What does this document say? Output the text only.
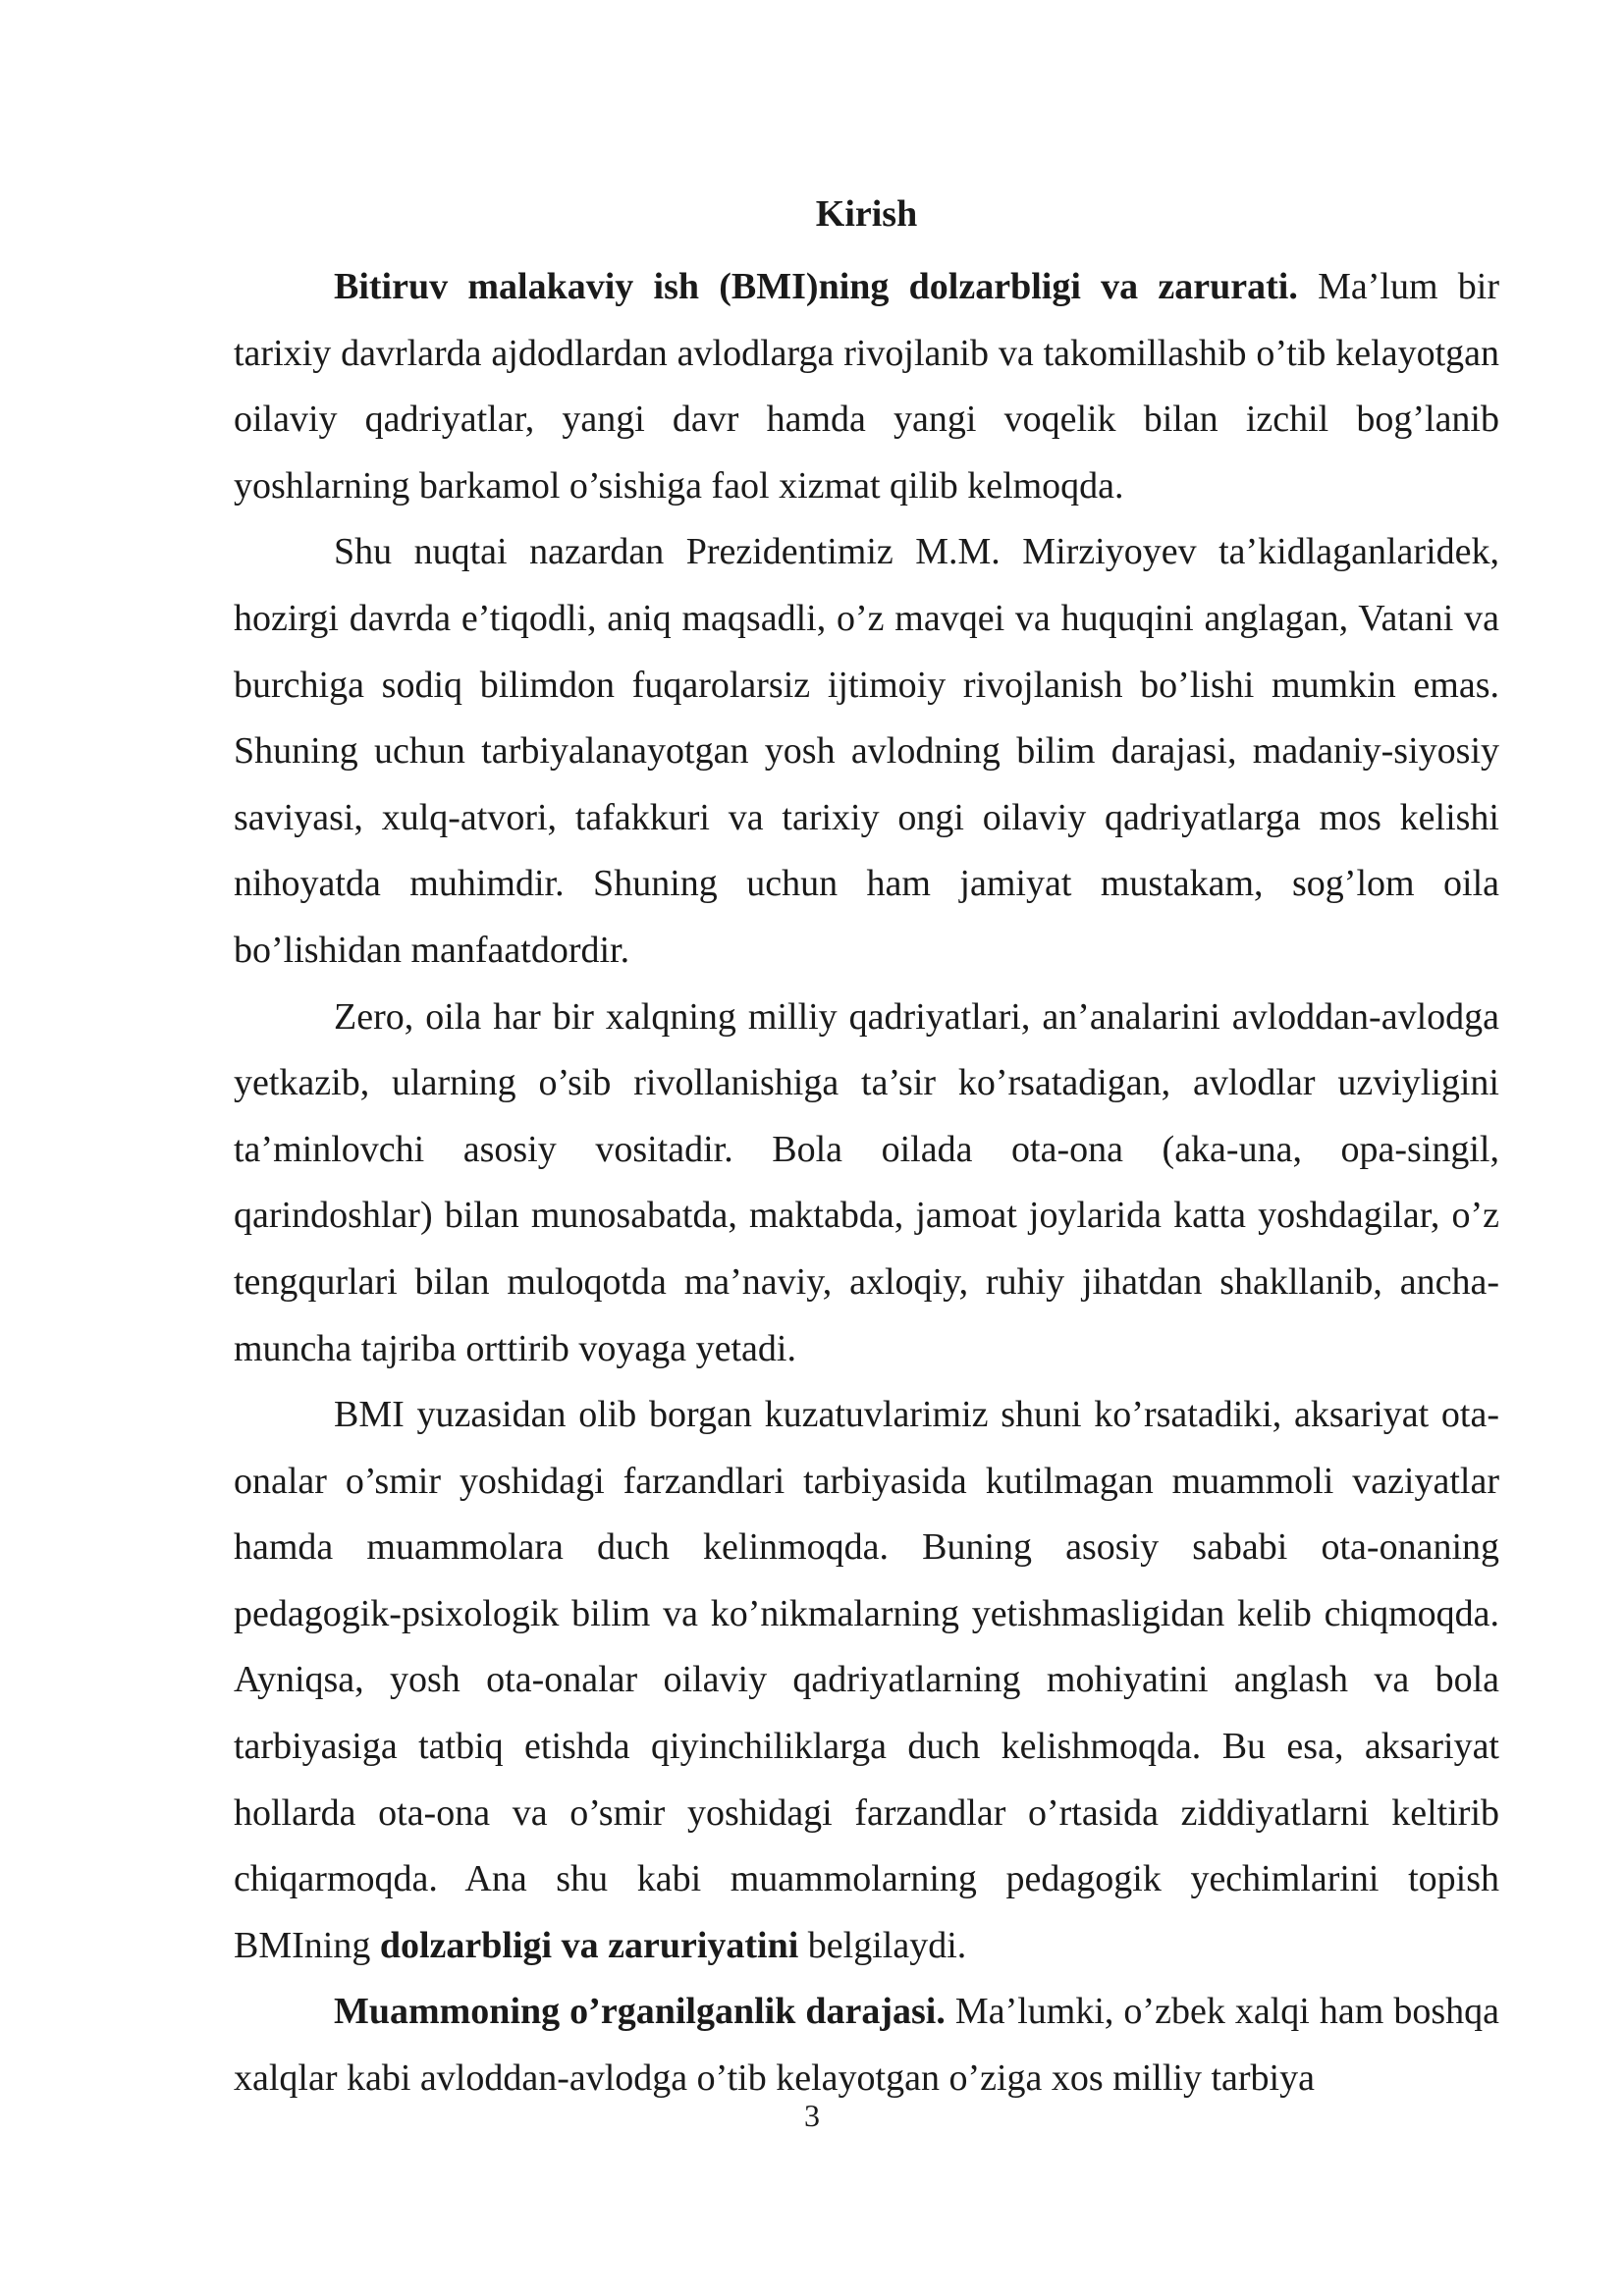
Kirish

Bitiruv malakaviy ish (BMI)ning dolzarbligi va zarurati. Ma’lum bir tarixiy davrlarda ajdodlardan avlodlarga rivojlanib va takomillashib o’tib kelayotgan oilaviy qadriyatlar, yangi davr hamda yangi voqelik bilan izchil bog’lanib yoshlarning barkamol o’sishiga faol xizmat qilib kelmoqda.

Shu nuqtai nazardan Prezidentimiz M.M. Mirziyoyev ta’kidlaganlaridek, hozirgi davrda e’tiqodli, aniq maqsadli, o’z mavqei va huquqini anglagan, Vatani va burchiga sodiq bilimdon fuqarolarsiz ijtimoiy rivojlanish bo’lishi mumkin emas. Shuning uchun tarbiyalanayotgan yosh avlodning bilim darajasi, madaniy-siyosiy saviyasi, xulq-atvori, tafakkuri va tarixiy ongi oilaviy qadriyatlarga mos kelishi nihoyatda muhimdir. Shuning uchun ham jamiyat mustakam, sog’lom oila bo’lishidan manfaatdordir.

Zero, oila har bir xalqning milliy qadriyatlari, an’analarini avloddan-avlodga yetkazib, ularning o’sib rivollanishiga ta’sir ko’rsatadigan, avlodlar uzviyligini ta’minlovchi asosiy vositadir. Bola oilada ota-ona (aka-una, opa-singil, qarindoshlar) bilan munosabatda, maktabda, jamoat joylarida katta yoshdagilar, o’z tengqurlari bilan muloqotda ma’naviy, axloqiy, ruhiy jihatdan shakllanib, ancha-muncha tajriba orttirib voyaga yetadi.

BMI yuzasidan olib borgan kuzatuvlarimiz shuni ko’rsatadiki, aksariyat ota-onalar o’smir yoshidagi farzandlari tarbiyasida kutilmagan muammoli vaziyatlar hamda muammolara duch kelinmoqda. Buning asosiy sababi ota-onaning pedagogik-psixologik bilim va ko’nikmalarning yetishmasligidan kelib chiqmoqda. Ayniqsa, yosh ota-onalar oilaviy qadriyatlarning mohiyatini anglash va bola tarbiyasiga tatbiq etishda qiyinchiliklarga duch kelishmoqda. Bu esa, aksariyat hollarda ota-ona va o’smir yoshidagi farzandlar o’rtasida ziddiyatlarni keltirib chiqarmoqda. Ana shu kabi muammolarning pedagogik yechimlarini topish BMIning dolzarbligi va zaruriyatini belgilaydi.

Muammoning o’rganilganlik darajasi. Ma’lumki, o’zbek xalqi ham boshqa xalqlar kabi avloddan-avlodga o’tib kelayotgan o’ziga xos milliy tarbiya

3
